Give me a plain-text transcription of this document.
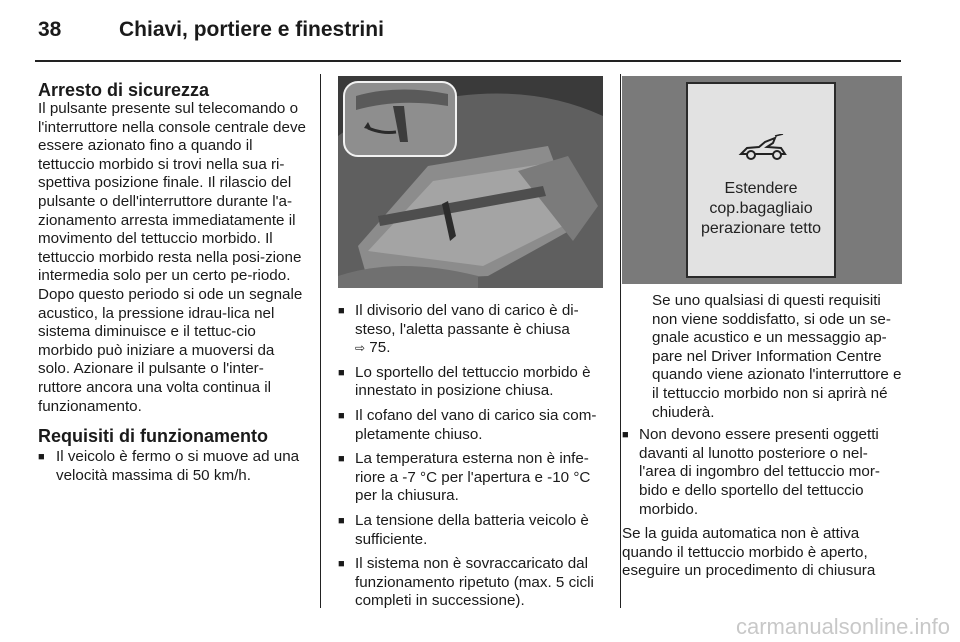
38	Chiavi, portiere e finestrini
Arresto di sicurezza

Il pulsante presente sul telecomando o l'interruttore nella console centrale deve essere azionato fino a quando il tettuccio morbido si trovi nella sua ri-spettiva posizione finale. Il rilascio del pulsante o dell'interruttore durante l'a-zionamento arresta immediatamente il movimento del tettuccio morbido. Il tettuccio morbido resta nella posi-zione intermedia solo per un certo pe-riodo. Dopo questo periodo si ode un segnale acustico, la pressione idrau-lica nel sistema diminuisce e il tettuc-cio morbido può iniziare a muoversi da solo. Azionare il pulsante o l'inter-ruttore ancora una volta continua il funzionamento.

Requisiti di funzionamento
■ Il veicolo è fermo o si muove ad una velocità massima di 50 km/h.
■ Il divisorio del vano di carico è di-steso, l'aletta passante è chiusa
⇨ 75.
■ Lo sportello del tettuccio morbido è innestato in posizione chiusa.
■ Il cofano del vano di carico sia com-pletamente chiuso.
■ La temperatura esterna non è infe-riore a -7 °C per l'apertura e -10 °C per la chiusura.
■ La tensione della batteria veicolo è sufficiente.
■ Il sistema non è sovraccaricato dal funzionamento ripetuto (max. 5 cicli completi in successione).
Estendere
cop.bagagliaio
perazionare tetto

Se uno qualsiasi di questi requisiti non viene soddisfatto, si ode un se-gnale acustico e un messaggio ap-pare nel Driver Information Centre quando viene azionato l'interruttore e il tettuccio morbido non si aprirà né chiuderà.

■ Non devono essere presenti oggetti davanti al lunotto posteriore o nel-l'area di ingombro del tettuccio mor-bido e dello sportello del tettuccio morbido.

Se la guida automatica non è attiva quando il tettuccio morbido è aperto, eseguire un procedimento di chiusura

carmanualsonline.info
